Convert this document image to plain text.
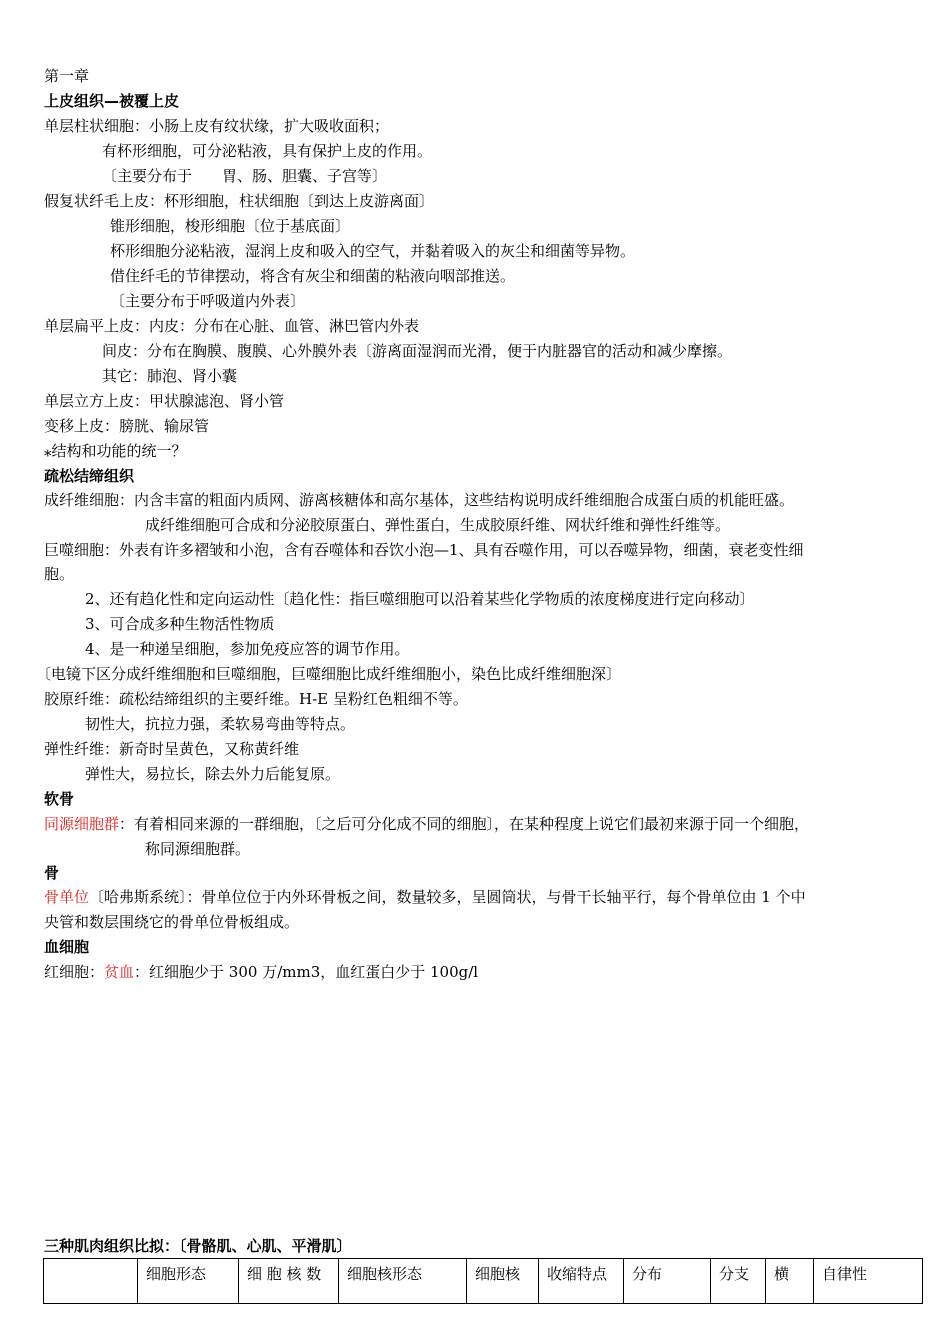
第一章
上皮组织—被覆上皮
单层柱状细胞：小肠上皮有纹状缘，扩大吸收面积；
有杯形细胞，可分泌粘液，具有保护上皮的作用。
〔主要分布于　　胃、肠、胆囊、子宫等〕
假复状纤毛上皮：杯形细胞，柱状细胞〔到达上皮游离面〕
锥形细胞，梭形细胞〔位于基底面〕
杯形细胞分泌粘液，湿润上皮和吸入的空气，并黏着吸入的灰尘和细菌等异物。
借住纤毛的节律摆动，将含有灰尘和细菌的粘液向咽部推送。
〔主要分布于呼吸道内外表〕
单层扁平上皮：内皮：分布在心脏、血管、淋巴管内外表
间皮：分布在胸膜、腹膜、心外膜外表〔游离面湿润而光滑，便于内脏器官的活动和减少摩擦。
其它：肺泡、肾小囊
单层立方上皮：甲状腺滤泡、肾小管
变移上皮：膀胱、输尿管
⁎结构和功能的统一？
疏松结缔组织
成纤维细胞：内含丰富的粗面内质网、游离核糖体和高尔基体，这些结构说明成纤维细胞合成蛋白质的机能旺盛。
成纤维细胞可合成和分泌胶原蛋白、弹性蛋白，生成胶原纤维、网状纤维和弹性纤维等。
巨噬细胞：外表有许多褶皱和小泡，含有吞噬体和吞饮小泡—1、具有吞噬作用，可以吞噬异物，细菌，衰老变性细
胞。
2、还有趋化性和定向运动性〔趋化性：指巨噬细胞可以沿着某些化学物质的浓度梯度进行定向移动〕
3、可合成多种生物活性物质
4、是一种递呈细胞，参加免疫应答的调节作用。
〔电镜下区分成纤维细胞和巨噬细胞，巨噬细胞比成纤维细胞小，染色比成纤维细胞深〕
胶原纤维：疏松结缔组织的主要纤维。H-E 呈粉红色粗细不等。
韧性大，抗拉力强，柔软易弯曲等特点。
弹性纤维：新奇时呈黄色，又称黄纤维
弹性大，易拉长，除去外力后能复原。
软骨
同源细胞群：有着相同来源的一群细胞，〔之后可分化成不同的细胞〕，在某种程度上说它们最初来源于同一个细胞，
称同源细胞群。
骨
骨单位〔哈弗斯系统〕：骨单位位于内外环骨板之间，数量较多，呈圆筒状，与骨干长轴平行，每个骨单位由 1 个中
央管和数层围绕它的骨单位骨板组成。
血细胞
红细胞：贫血：红细胞少于 300 万/mm3，血红蛋白少于 100g/l
三种肌肉组织比拟：〔骨骼肌、心肌、平滑肌〕
	细胞形态	细 胞 核 数	细胞核形态	细胞核	收缩特点	分布	分支	横	自律性
